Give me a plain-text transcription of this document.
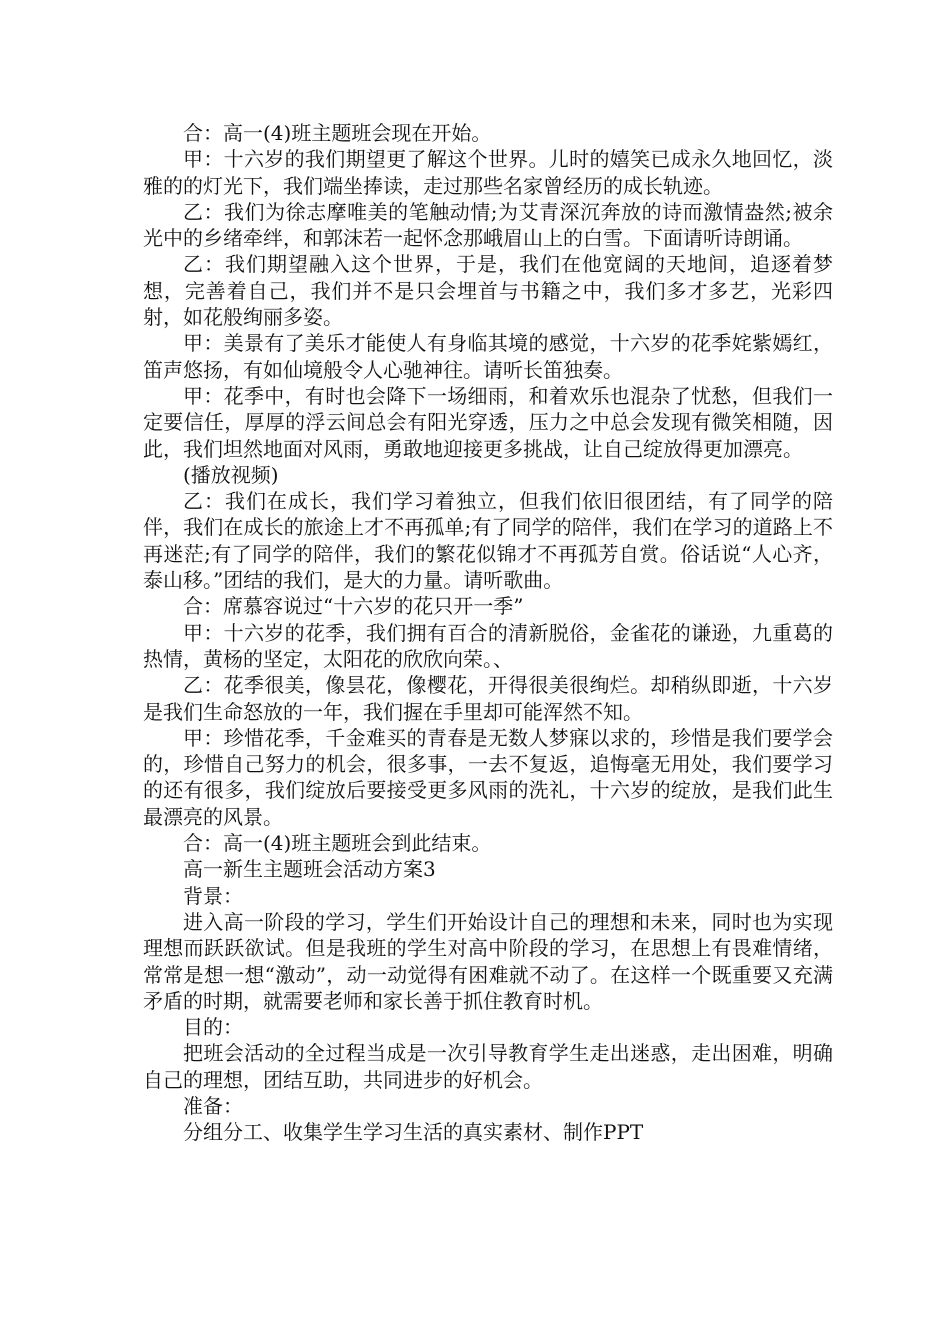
合：高一(4)班主题班会现在开始。

甲：十六岁的我们期望更了解这个世界。儿时的嬉笑已成永久地回忆，淡雅的的灯光下，我们端坐捧读，走过那些名家曾经历的成长轨迹。

乙：我们为徐志摩唯美的笔触动情;为艾青深沉奔放的诗而激情盎然;被余光中的乡绪牵绊，和郭沫若一起怀念那峨眉山上的白雪。下面请听诗朗诵。

乙：我们期望融入这个世界，于是，我们在他宽阔的天地间，追逐着梦想，完善着自己，我们并不是只会埋首与书籍之中，我们多才多艺，光彩四射，如花般绚丽多姿。

甲：美景有了美乐才能使人有身临其境的感觉，十六岁的花季姹紫嫣红，笛声悠扬，有如仙境般令人心驰神往。请听长笛独奏。

甲：花季中，有时也会降下一场细雨，和着欢乐也混杂了忧愁，但我们一定要信任，厚厚的浮云间总会有阳光穿透，压力之中总会发现有微笑相随，因此，我们坦然地面对风雨，勇敢地迎接更多挑战，让自己绽放得更加漂亮。

(播放视频)

乙：我们在成长，我们学习着独立，但我们依旧很团结，有了同学的陪伴，我们在成长的旅途上才不再孤单;有了同学的陪伴，我们在学习的道路上不再迷茫;有了同学的陪伴，我们的繁花似锦才不再孤芳自赏。俗话说“人心齐，泰山移。”团结的我们，是大的力量。请听歌曲。

合：席慕容说过“十六岁的花只开一季”

甲：十六岁的花季，我们拥有百合的清新脱俗，金雀花的谦逊，九重葛的热情，黄杨的坚定，太阳花的欣欣向荣。、

乙：花季很美，像昙花，像樱花，开得很美很绚烂。却稍纵即逝，十六岁是我们生命怒放的一年，我们握在手里却可能浑然不知。

甲：珍惜花季，千金难买的青春是无数人梦寐以求的，珍惜是我们要学会的，珍惜自己努力的机会，很多事，一去不复返，追悔毫无用处，我们要学习的还有很多，我们绽放后要接受更多风雨的洗礼，十六岁的绽放，是我们此生最漂亮的风景。

合：高一(4)班主题班会到此结束。

高一新生主题班会活动方案3

背景：

进入高一阶段的学习，学生们开始设计自己的理想和未来，同时也为实现理想而跃跃欲试。但是我班的学生对高中阶段的学习，在思想上有畏难情绪，常常是想一想“激动”，动一动觉得有困难就不动了。在这样一个既重要又充满矛盾的时期，就需要老师和家长善于抓住教育时机。

目的：

把班会活动的全过程当成是一次引导教育学生走出迷惑，走出困难，明确自己的理想，团结互助，共同进步的好机会。

准备：

分组分工、收集学生学习生活的真实素材、制作PPT
